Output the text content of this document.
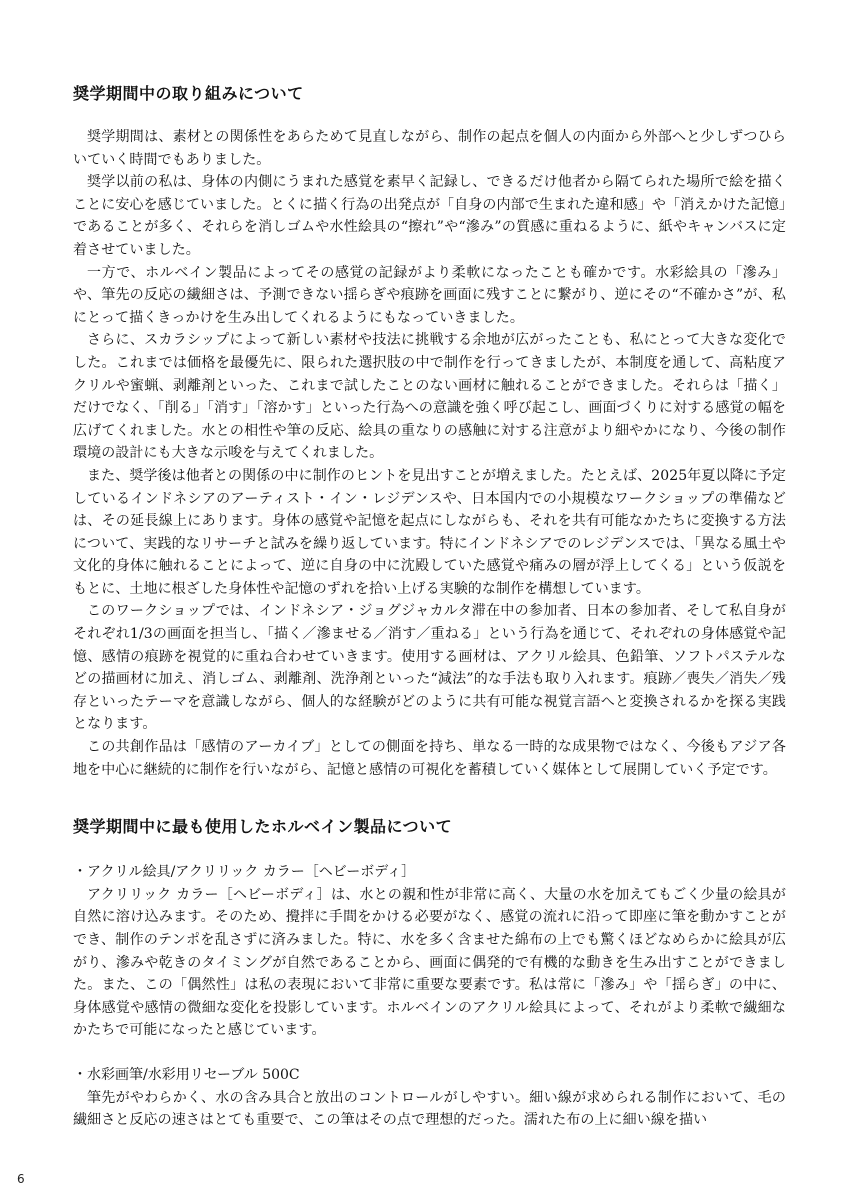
奨学期間中の取り組みについて

奨学期間は、素材との関係性をあらためて見直しながら、制作の起点を個人の内面から外部へと少しずつひらいていく時間でもありました。

奨学以前の私は、身体の内側にうまれた感覚を素早く記録し、できるだけ他者から隔てられた場所で絵を描くことに安心を感じていました。とくに描く行為の出発点が「自身の内部で生まれた違和感」や「消えかけた記憶」であることが多く、それらを消しゴムや水性絵具の“擦れ”や“滲み”の質感に重ねるように、紙やキャンバスに定着させていました。

一方で、ホルベイン製品によってその感覚の記録がより柔軟になったことも確かです。水彩絵具の「滲み」や、筆先の反応の繊細さは、予測できない揺らぎや痕跡を画面に残すことに繋がり、逆にその“不確かさ”が、私にとって描くきっかけを生み出してくれるようにもなっていきました。

さらに、スカラシップによって新しい素材や技法に挑戦する余地が広がったことも、私にとって大きな変化でした。これまでは価格を最優先に、限られた選択肢の中で制作を行ってきましたが、本制度を通して、高粘度アクリルや蜜蝋、剥離剤といった、これまで試したことのない画材に触れることができました。それらは「描く」だけでなく、「削る」「消す」「溶かす」といった行為への意識を強く呼び起こし、画面づくりに対する感覚の幅を広げてくれました。水との相性や筆の反応、絵具の重なりの感触に対する注意がより細やかになり、今後の制作環境の設計にも大きな示唆を与えてくれました。

また、奨学後は他者との関係の中に制作のヒントを見出すことが増えました。たとえば、2025年夏以降に予定しているインドネシアのアーティスト・イン・レジデンスや、日本国内での小規模なワークショップの準備などは、その延長線上にあります。身体の感覚や記憶を起点にしながらも、それを共有可能なかたちに変換する方法について、実践的なリサーチと試みを繰り返しています。特にインドネシアでのレジデンスでは、「異なる風土や文化的身体に触れることによって、逆に自身の中に沈殿していた感覚や痛みの層が浮上してくる」という仮説をもとに、土地に根ざした身体性や記憶のずれを拾い上げる実験的な制作を構想しています。

このワークショップでは、インドネシア・ジョグジャカルタ滞在中の参加者、日本の参加者、そして私自身がそれぞれ1/3の画面を担当し、「描く／滲ませる／消す／重ねる」という行為を通じて、それぞれの身体感覚や記憶、感情の痕跡を視覚的に重ね合わせていきます。使用する画材は、アクリル絵具、色鉛筆、ソフトパステルなどの描画材に加え、消しゴム、剥離剤、洗浄剤といった“減法”的な手法も取り入れます。痕跡／喪失／消失／残存といったテーマを意識しながら、個人的な経験がどのように共有可能な視覚言語へと変換されるかを探る実践となります。

この共創作品は「感情のアーカイブ」としての側面を持ち、単なる一時的な成果物ではなく、今後もアジア各地を中心に継続的に制作を行いながら、記憶と感情の可視化を蓄積していく媒体として展開していく予定です。

奨学期間中に最も使用したホルベイン製品について

・アクリル絵具/アクリリック カラー［ヘビーボディ］

アクリリック カラー［ヘビーボディ］は、水との親和性が非常に高く、大量の水を加えてもごく少量の絵具が自然に溶け込みます。そのため、攪拌に手間をかける必要がなく、感覚の流れに沿って即座に筆を動かすことができ、制作のテンポを乱さずに済みました。特に、水を多く含ませた綿布の上でも驚くほどなめらかに絵具が広がり、滲みや乾きのタイミングが自然であることから、画面に偶発的で有機的な動きを生み出すことができました。また、この「偶然性」は私の表現において非常に重要な要素です。私は常に「滲み」や「揺らぎ」の中に、身体感覚や感情の微細な変化を投影しています。ホルベインのアクリル絵具によって、それがより柔軟で繊細なかたちで可能になったと感じています。

・水彩画筆/水彩用リセーブル 500C

筆先がやわらかく、水の含み具合と放出のコントロールがしやすい。細い線が求められる制作において、毛の繊細さと反応の速さはとても重要で、この筆はその点で理想的だった。濡れた布の上に細い線を描い

6
